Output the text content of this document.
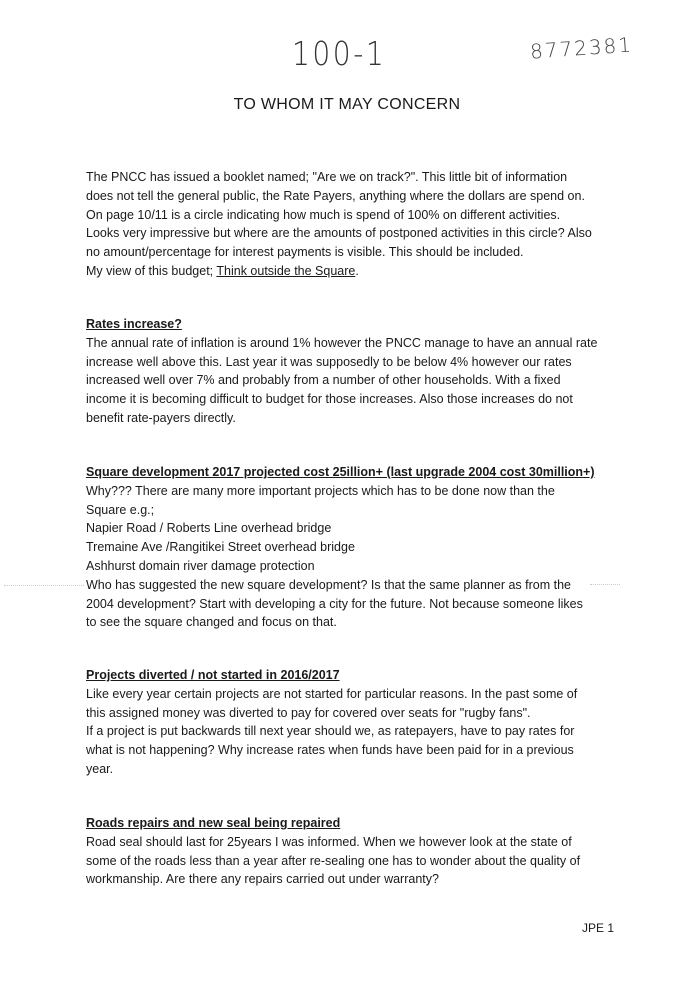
100-1	8772381
TO WHOM IT MAY CONCERN
The PNCC has issued a booklet named; "Are we on track?". This little bit of information
does not tell the general public, the Rate Payers, anything where the dollars are spend on.
On page 10/11 is a circle indicating how much is spend of 100% on different activities.
Looks very impressive but where are the amounts of postponed activities in this circle? Also
no amount/percentage for interest payments is visible. This should be included.
My view of this budget; Think outside the Square.
Rates increase?
The annual rate of inflation is around 1% however the PNCC manage to have an annual rate
increase well above this. Last year it was supposedly to be below 4% however our rates
increased well over 7% and probably from a number of other households. With a fixed
income it is becoming difficult to budget for those increases. Also those increases do not
benefit rate-payers directly.
Square development 2017 projected cost 25illion+ (last upgrade 2004 cost 30million+)
Why??? There are many more important projects which has to be done now than the
Square e.g.;
Napier Road / Roberts Line overhead bridge
Tremaine Ave /Rangitikei Street overhead bridge
Ashhurst domain river damage protection
Who has suggested the new square development? Is that the same planner as from the
2004 development? Start with developing a city for the future. Not because someone likes
to see the square changed and focus on that.
Projects diverted / not started in 2016/2017
Like every year certain projects are not started for particular reasons. In the past some of
this assigned money was diverted to pay for covered over seats for "rugby fans".
If a project is put backwards till next year should we, as ratepayers, have to pay rates for
what is not happening? Why increase rates when funds have been paid for in a previous
year.
Roads repairs and new seal being repaired
Road seal should last for 25years I was informed. When we however look at the state of
some of the roads less than a year after re-sealing one has to wonder about the quality of
workmanship. Are there any repairs carried out under warranty?
JPE 1
